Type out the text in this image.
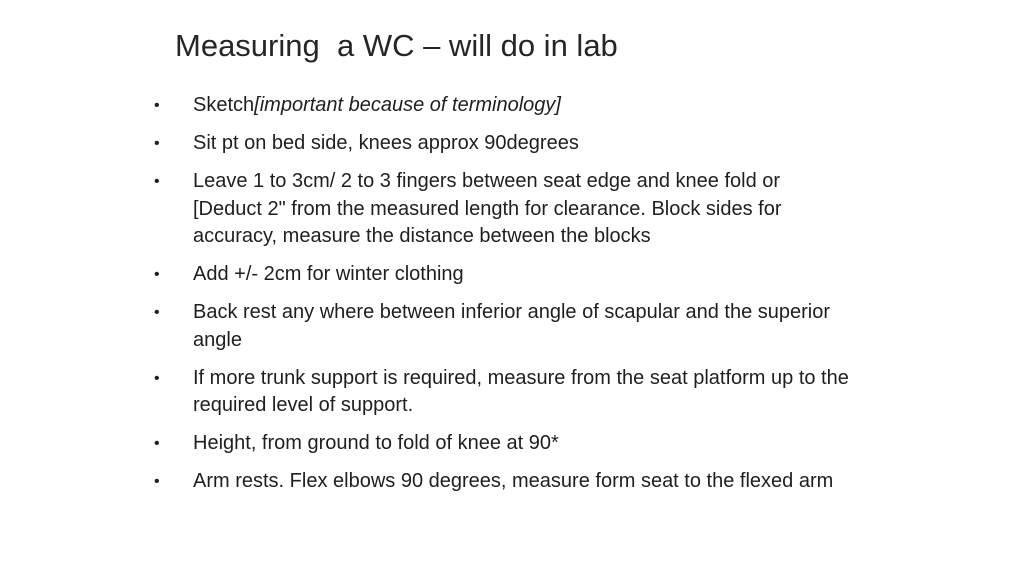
Measuring  a WC – will do in lab
•	Sketch[important because of terminology]
•	Sit pt on bed side, knees approx 90degrees
•	Leave 1 to 3cm/ 2 to 3 fingers between seat edge and knee fold or [Deduct 2" from the measured length for clearance. Block sides for accuracy, measure the distance between the blocks
•	Add +/- 2cm for winter clothing
•	Back rest any where between inferior angle of scapular and the superior angle
•	If more trunk support is required, measure from the seat platform up to the required level of support.
•	Height, from ground to fold of knee at 90*
•	Arm rests. Flex elbows 90 degrees, measure form seat to the flexed arm
